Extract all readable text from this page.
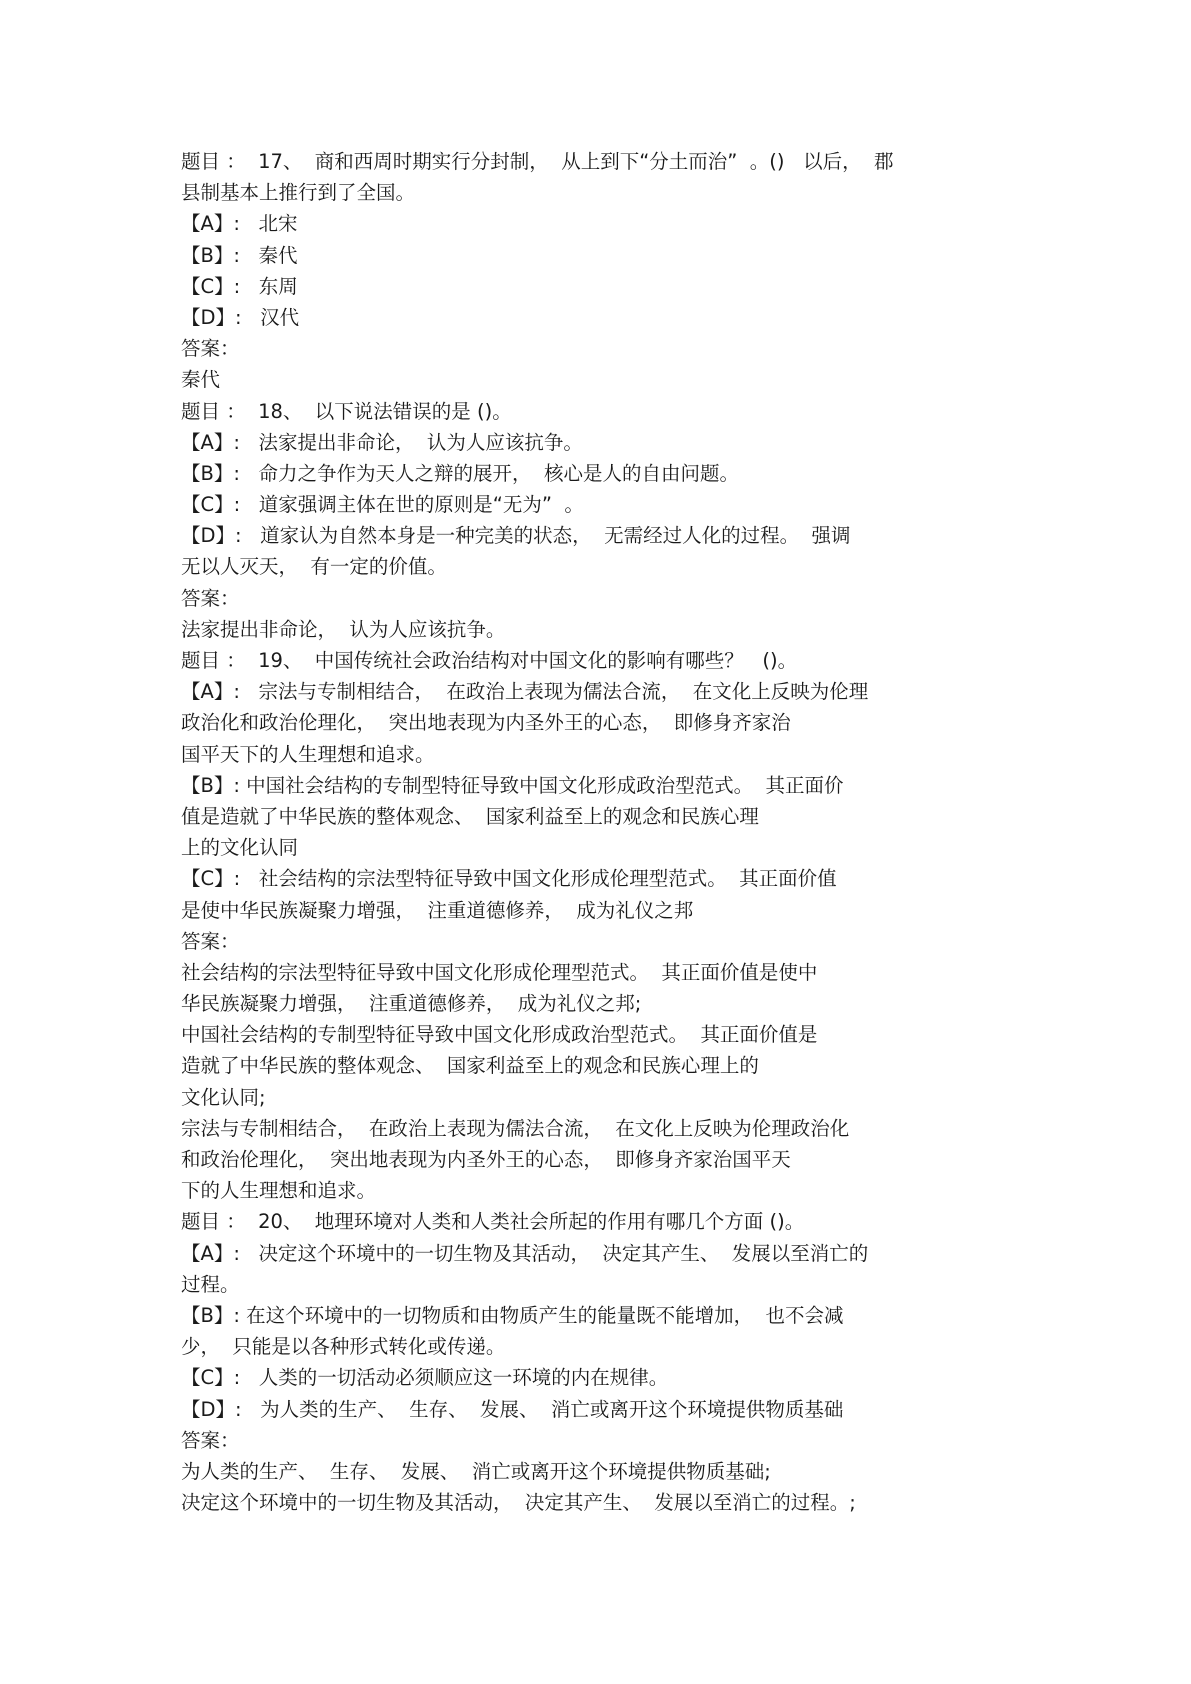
题目 ：  17、  商和西周时期实行分封制，  从上到下“分土而治”  。()   以后，  郡
县制基本上推行到了全国。
【A】:   北宋
【B】:   秦代
【C】:   东周
【D】:   汉代
答案：
秦代
题目 ：  18、  以下说法错误的是 ()。
【A】:   法家提出非命论，  认为人应该抗争。
【B】:   命力之争作为天人之辩的展开，  核心是人的自由问题。
【C】:   道家强调主体在世的原则是“无为”  。
【D】:   道家认为自然本身是一种完美的状态，  无需经过人化的过程。  强调
无以人灭天，  有一定的价值。
答案：
法家提出非命论，  认为人应该抗争。
题目 ：  19、  中国传统社会政治结构对中国文化的影响有哪些？   ()。
【A】:   宗法与专制相结合，  在政治上表现为儒法合流，  在文化上反映为伦理
政治化和政治伦理化，  突出地表现为内圣外王的心态，  即修身齐家治
国平天下的人生理想和追求。
【B】: 中国社会结构的专制型特征导致中国文化形成政治型范式。  其正面价
值是造就了中华民族的整体观念、  国家利益至上的观念和民族心理
上的文化认同
【C】:   社会结构的宗法型特征导致中国文化形成伦理型范式。  其正面价值
是使中华民族凝聚力增强，  注重道德修养，  成为礼仪之邦
答案：
社会结构的宗法型特征导致中国文化形成伦理型范式。  其正面价值是使中
华民族凝聚力增强，  注重道德修养，  成为礼仪之邦;
中国社会结构的专制型特征导致中国文化形成政治型范式。  其正面价值是
造就了中华民族的整体观念、  国家利益至上的观念和民族心理上的
文化认同;
宗法与专制相结合，  在政治上表现为儒法合流，  在文化上反映为伦理政治化
和政治伦理化，  突出地表现为内圣外王的心态，  即修身齐家治国平天
下的人生理想和追求。
题目 ：  20、  地理环境对人类和人类社会所起的作用有哪几个方面 ()。
【A】:   决定这个环境中的一切生物及其活动，  决定其产生、  发展以至消亡的
过程。
【B】: 在这个环境中的一切物质和由物质产生的能量既不能增加，  也不会减
少，  只能是以各种形式转化或传递。
【C】:   人类的一切活动必须顺应这一环境的内在规律。
【D】:   为人类的生产、  生存、  发展、  消亡或离开这个环境提供物质基础
答案：
为人类的生产、  生存、  发展、  消亡或离开这个环境提供物质基础;
决定这个环境中的一切生物及其活动，  决定其产生、  发展以至消亡的过程。;
